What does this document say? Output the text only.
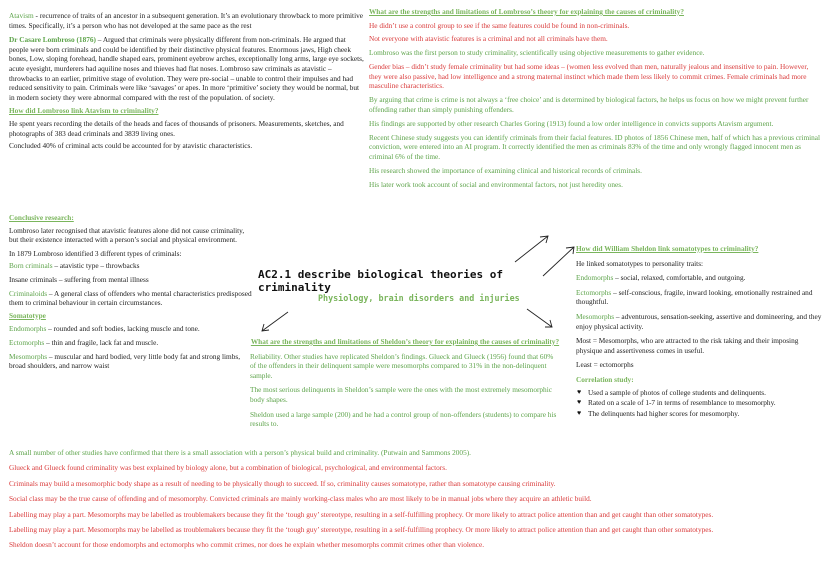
Atavism - recurrence of traits of an ancestor in a subsequent generation. It’s an evolutionary throwback to more primitive times. Specifically, it’s a person who has not developed at the same pace as the rest

Dr Casare Lombroso (1876) – Argued that criminals were physically different from non-criminals. He argued that people were born criminals and could be identified by their distinctive physical features. Enormous jaws, High cheek bones, Low, sloping forehead, handle shaped ears, prominent eyebrow arches, exceptionally long arms, large eye sockets, acute eyesight, murderers had aquiline noses and thieves had flat noses. Lombroso saw criminals as atavistic – throwbacks to an earlier, primitive stage of evolution. They were pre-social – unable to control their impulses and had reduced sensitivity to pain. Criminals were like ‘savages’ or apes. In more ‘primitive’ society they would be normal, but in modern society they were abnormal compared with the rest of the population. of society.

How did Lombroso link Atavism to criminality?

He spent years recording the details of the heads and faces of thousands of prisoners. Measurements, sketches, and photographs of 383 dead criminals and 3839 living ones.

Concluded 40% of criminal acts could be accounted for by atavistic characteristics.

Conclusive research:

Lombroso later recognised that atavistic features alone did not cause criminality, but their existence interacted with a person’s social and physical environment.

In 1879 Lombroso identified 3 different types of criminals:

Born criminals – atavistic type – throwbacks

Insane criminals – suffering from mental illness

Criminaloids – A general class of offenders who mental characteristics predisposed them to criminal behaviour in certain circumstances.

Somatotype

Endomorphs – rounded and soft bodies, lacking muscle and tone.

Ectomorphs – thin and fragile, lack fat and muscle.

Mesomorphs – muscular and hard bodied, very little body fat and strong limbs, broad shoulders, and narrow waist

What are the strengths and limitations of Lombroso’s theory for explaining the causes of criminality?

He didn’t use a control group to see if the same features could be found in non-criminals.

Not everyone with atavistic features is a criminal and not all criminals have them.

Lombroso was the first person to study criminality, scientifically using objective measurements to gather evidence.

Gender bias – didn’t study female criminality but had some ideas – (women less evolved than men, naturally jealous and insensitive to pain. However, they were also passive, had low intelligence and a strong maternal instinct which made them less likely to commit crimes. Female criminals had more masculine characteristics.

By arguing that crime is crime is not always a ‘free choice’ and is determined by biological factors, he helps us focus on how we might prevent further offending rather than simply punishing offenders.

His findings are supported by other research Charles Goring (1913) found a low order intelligence in convicts supports Atavism argument.

Recent Chinese study suggests you can identify criminals from their facial features. ID photos of 1856 Chinese men, half of which has a previous criminal conviction, were entered into an AI program. It correctly identified the men as criminals 83% of the time and only wrongly flagged innocent men as criminal 6% of the time.

His research showed the importance of examining clinical and historical records of criminals.

His later work took account of social and environmental factors, not just heredity ones.

AC2.1 describe biological theories of criminality
Physiology, brain disorders and injuries

What are the strengths and limitations of Sheldon’s theory for explaining the causes of criminality?

Reliability. Other studies have replicated Sheldon’s findings. Glueck and Glueck (1956) found that 60% of the offenders in their delinquent sample were mesomorphs compared to 31% in the non-delinquent sample.

The most serious delinquents in Sheldon’s sample were the ones with the most extremely mesomorphic body shapes.

Sheldon used a large sample (200) and he had a control group of non-offenders (students) to compare his results to.

How did William Sheldon link somatotypes to criminality?

He linked somatotypes to personality traits:

Endomorphs – social, relaxed, comfortable, and outgoing.

Ectomorphs – self-conscious, fragile, inward looking, emotionally restrained and thoughtful.

Mesomorphs – adventurous, sensation-seeking, assertive and domineering, and they enjoy physical activity.

Most = Mesomorphs, who are attracted to the risk taking and their imposing physique and assertiveness comes in useful.

Least = ectomorphs

Correlation study:

♥ Used a sample of photos of college students and delinquents.
♥ Rated on a scale of 1-7 in terms of resemblance to mesomorphy.
♥ The delinquents had higher scores for mesomorphy.

A small number of other studies have confirmed that there is a small association with a person’s physical build and criminality. (Putwain and Sammons 2005).

Glueck and Glueck found criminality was best explained by biology alone, but a combination of biological, psychological, and environmental factors.

Criminals may build a mesomorphic body shape as a result of needing to be physically though to succeed. If so, criminality causes somatotype, rather than somatotype causing criminality.

Social class may be the true cause of offending and of mesomorphy. Convicted criminals are mainly working-class males who are most likely to be in manual jobs where they acquire an athletic build.

Labelling may play a part. Mesomorphs may be labelled as troublemakers because they fit the ‘tough guy’ stereotype, resulting in a self-fulfilling prophecy. Or more likely to attract police attention than and get caught than other somatotypes.

Labelling may play a part. Mesomorphs may be labelled as troublemakers because they fit the ‘tough guy’ stereotype, resulting in a self-fulfilling prophecy. Or more likely to attract police attention than and get caught than other somatotypes.

Sheldon doesn’t account for those endomorphs and ectomorphs who commit crimes, nor does he explain whether mesomorphs commit crimes other than violence.
